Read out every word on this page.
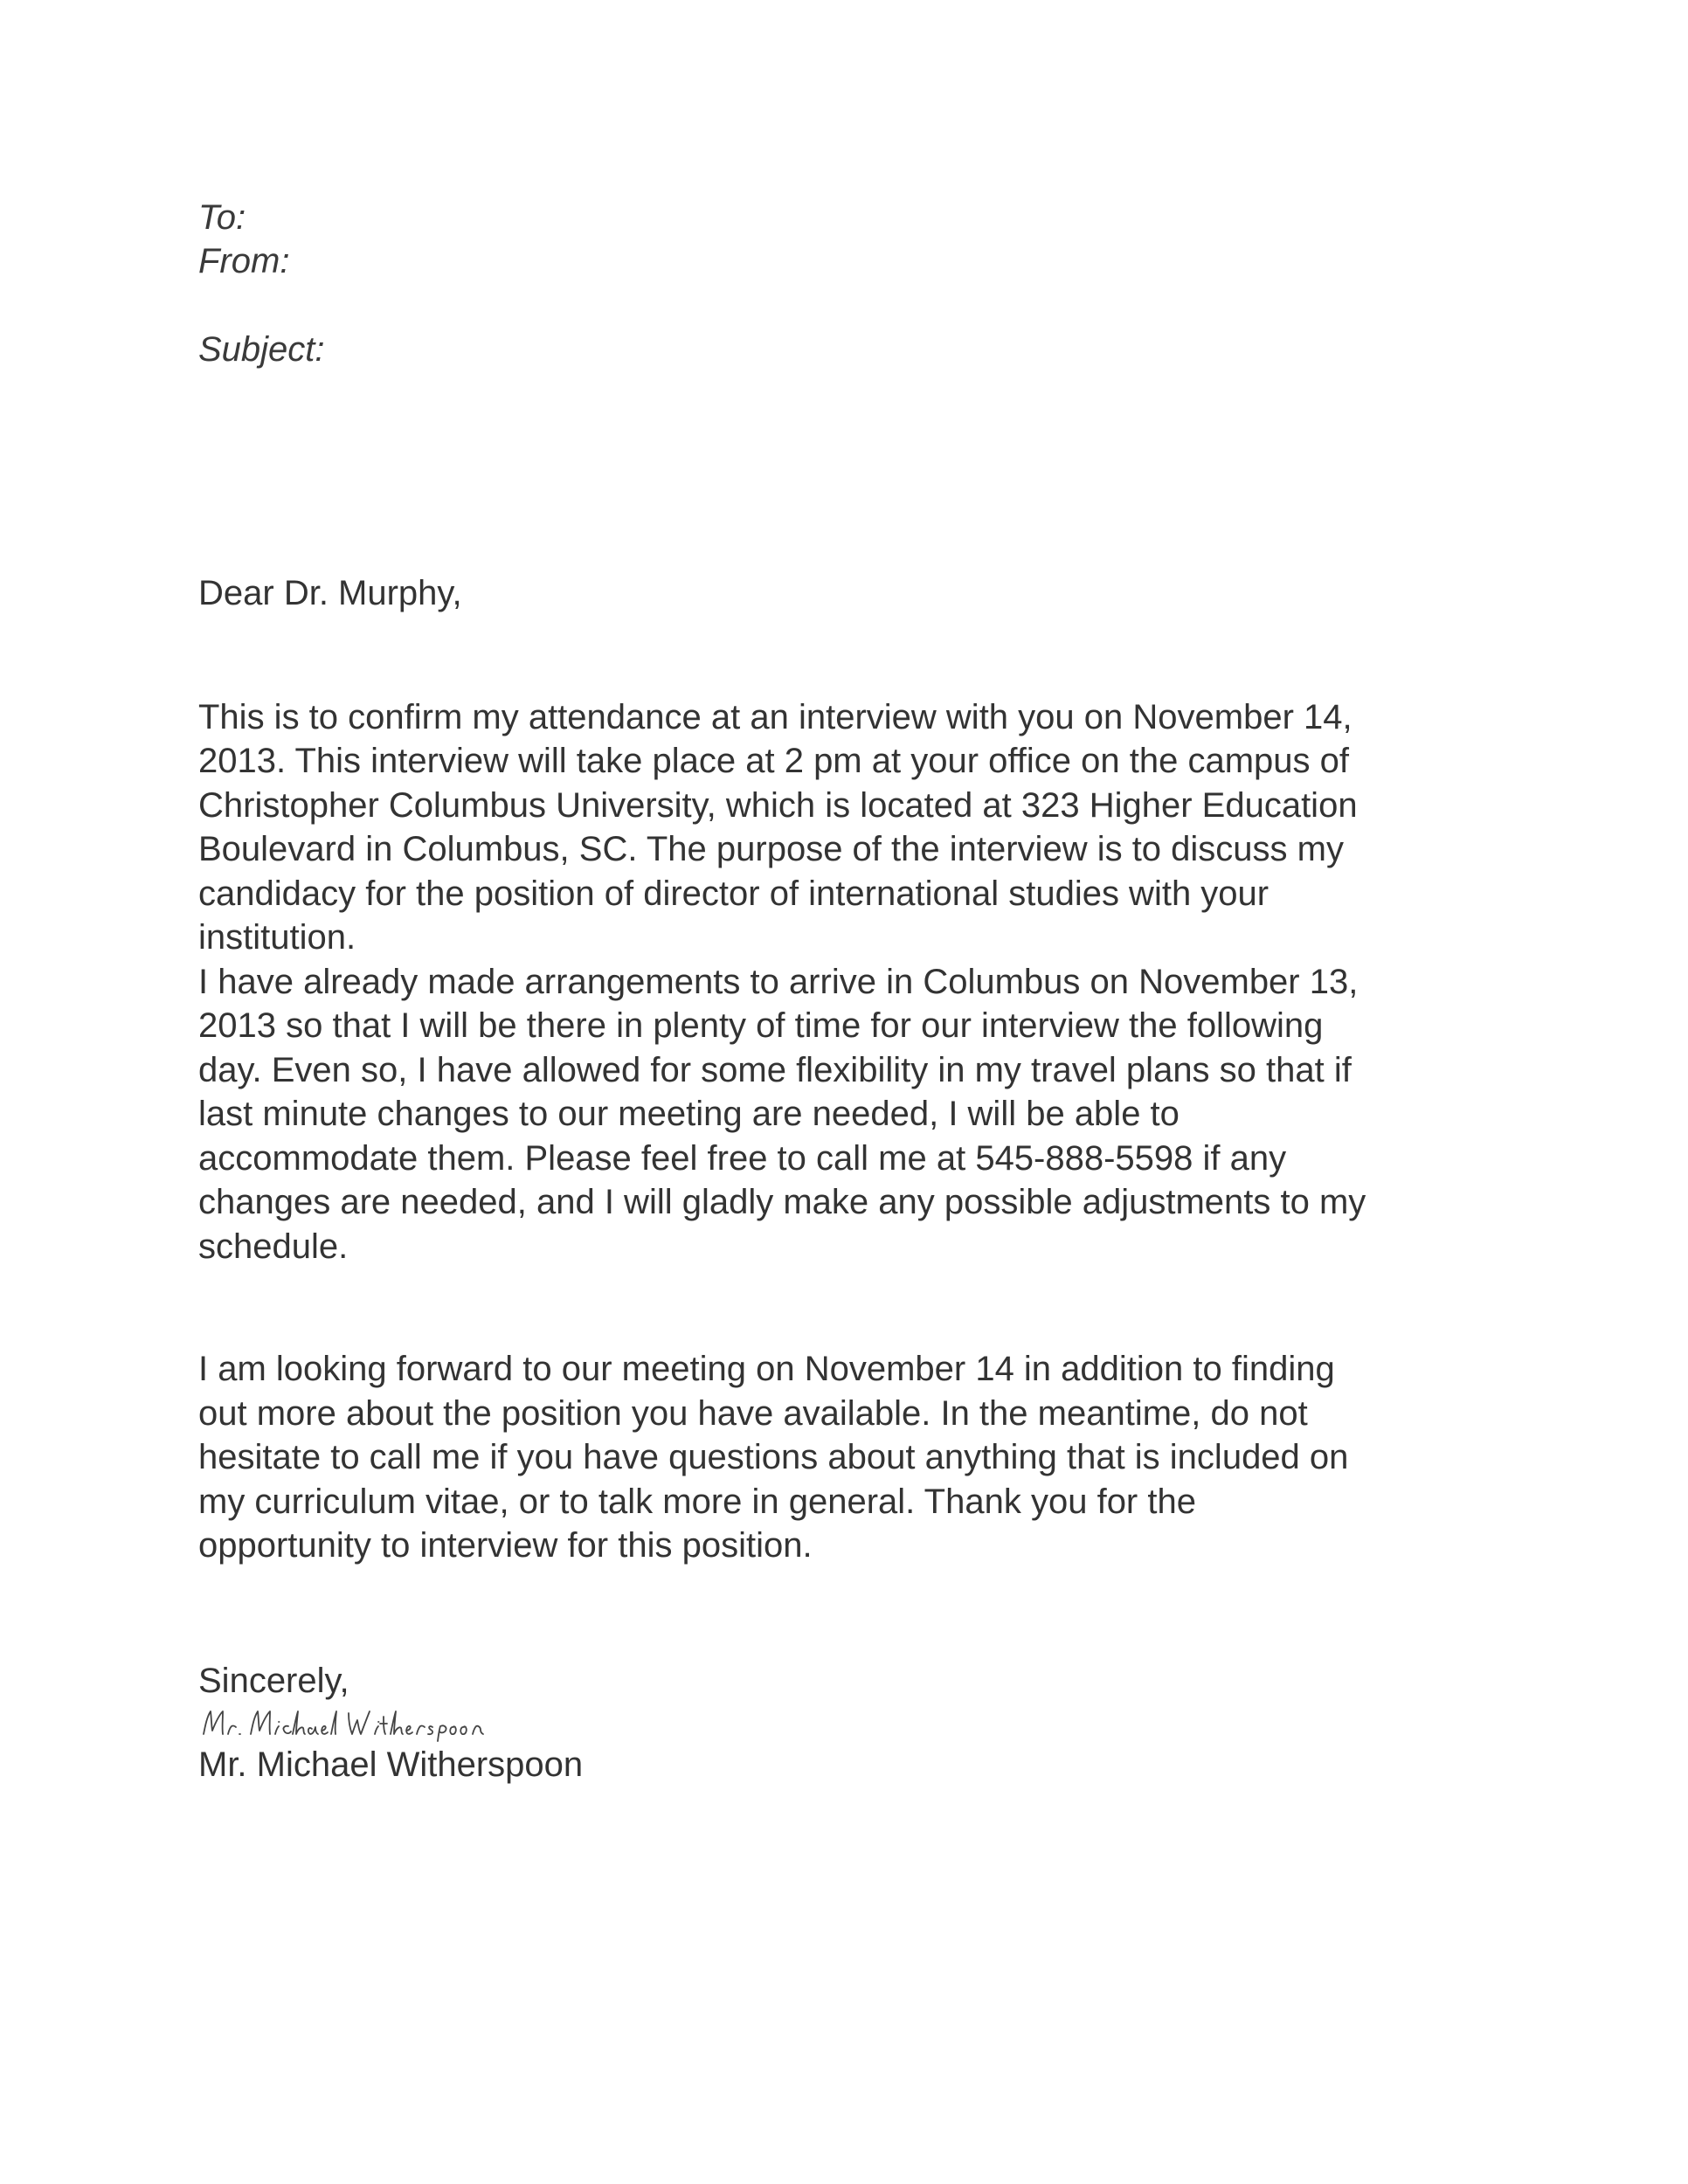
To:
From:
Subject:

Dear Dr. Murphy,

This is to confirm my attendance at an interview with you on November 14,
2013. This interview will take place at 2 pm at your office on the campus of
Christopher Columbus University, which is located at 323 Higher Education
Boulevard in Columbus, SC. The purpose of the interview is to discuss my
candidacy for the position of director of international studies with your
institution.

I have already made arrangements to arrive in Columbus on November 13,
2013 so that I will be there in plenty of time for our interview the following
day. Even so, I have allowed for some flexibility in my travel plans so that if
last minute changes to our meeting are needed, I will be able to
accommodate them. Please feel free to call me at 545-888-5598 if any
changes are needed, and I will gladly make any possible adjustments to my
schedule.

I am looking forward to our meeting on November 14 in addition to finding
out more about the position you have available. In the meantime, do not
hesitate to call me if you have questions about anything that is included on
my curriculum vitae, or to talk more in general. Thank you for the
opportunity to interview for this position.

Sincerely,

Mr. Michael Witherspoon
